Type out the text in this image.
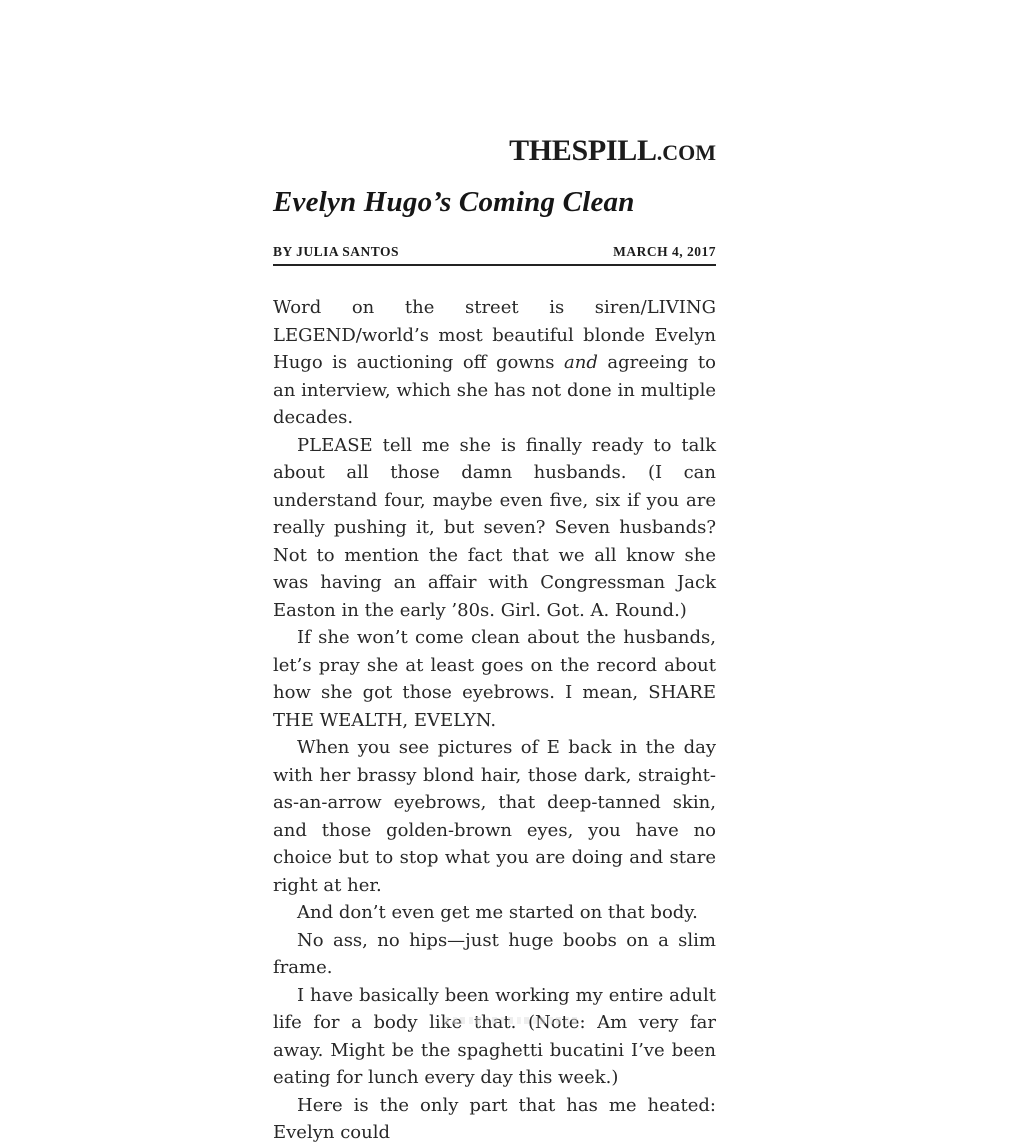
THESPILL.COM
Evelyn Hugo’s Coming Clean
BY JULIA SANTOS	MARCH 4, 2017

Word on the street is siren/LIVING LEGEND/world’s most beautiful blonde Evelyn Hugo is auctioning off gowns and agreeing to an interview, which she has not done in multiple decades.

PLEASE tell me she is finally ready to talk about all those damn husbands. (I can understand four, maybe even five, six if you are really pushing it, but seven? Seven husbands? Not to mention the fact that we all know she was having an affair with Congressman Jack Easton in the early ’80s. Girl. Got. A. Round.)

If she won’t come clean about the husbands, let’s pray she at least goes on the record about how she got those eyebrows. I mean, SHARE THE WEALTH, EVELYN.

When you see pictures of E back in the day with her brassy blond hair, those dark, straight-as-an-arrow eyebrows, that deep-tanned skin, and those golden-brown eyes, you have no choice but to stop what you are doing and stare right at her.

And don’t even get me started on that body.

No ass, no hips—just huge boobs on a slim frame.

I have basically been working my entire adult life for a body like that. (Note: Am very far away. Might be the spaghetti bucatini I’ve been eating for lunch every day this week.)

Here is the only part that has me heated: Evelyn could
